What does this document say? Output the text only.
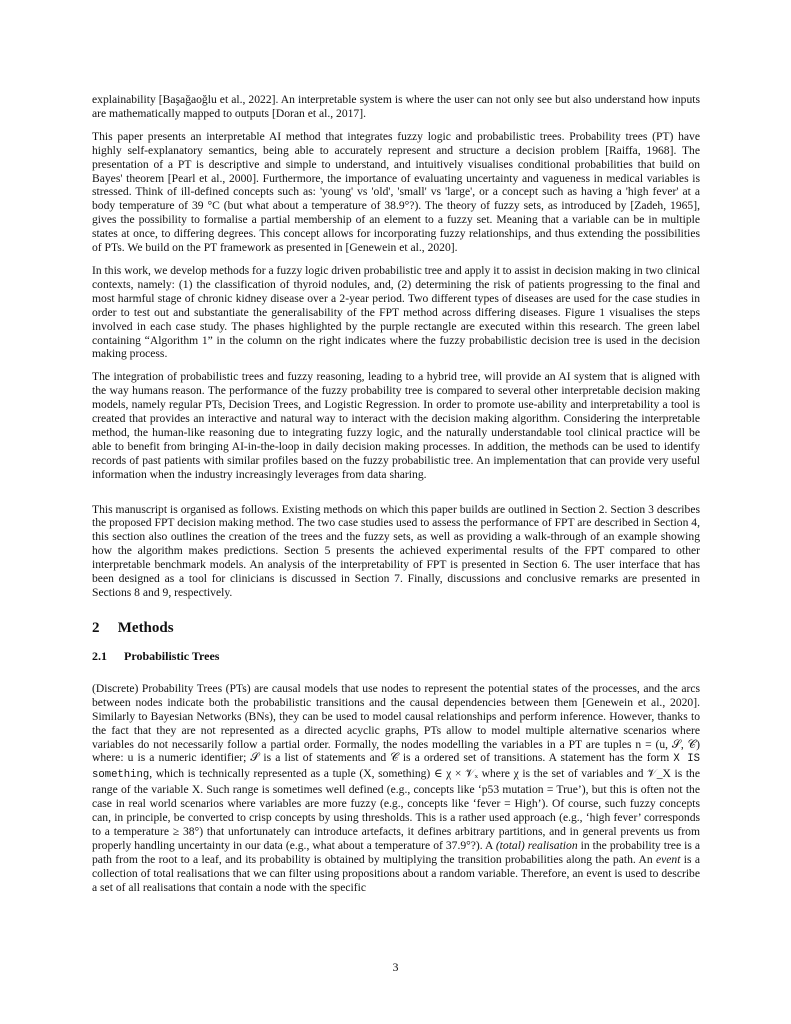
explainability [Başağaoğlu et al., 2022]. An interpretable system is where the user can not only see but also understand how inputs are mathematically mapped to outputs [Doran et al., 2017].

This paper presents an interpretable AI method that integrates fuzzy logic and probabilistic trees. Probability trees (PT) have highly self-explanatory semantics, being able to accurately represent and structure a decision problem [Raiffa, 1968]. The presentation of a PT is descriptive and simple to understand, and intuitively visualises conditional probabilities that build on Bayes' theorem [Pearl et al., 2000]. Furthermore, the importance of evaluating uncertainty and vagueness in medical variables is stressed. Think of ill-defined concepts such as: 'young' vs 'old', 'small' vs 'large', or a concept such as having a 'high fever' at a body temperature of 39 °C (but what about a temperature of 38.9°?). The theory of fuzzy sets, as introduced by [Zadeh, 1965], gives the possibility to formalise a partial membership of an element to a fuzzy set. Meaning that a variable can be in multiple states at once, to differing degrees. This concept allows for incorporating fuzzy relationships, and thus extending the possibilities of PTs. We build on the PT framework as presented in [Genewein et al., 2020].

In this work, we develop methods for a fuzzy logic driven probabilistic tree and apply it to assist in decision making in two clinical contexts, namely: (1) the classification of thyroid nodules, and, (2) determining the risk of patients progressing to the final and most harmful stage of chronic kidney disease over a 2-year period. Two different types of diseases are used for the case studies in order to test out and substantiate the generalisability of the FPT method across differing diseases. Figure 1 visualises the steps involved in each case study. The phases highlighted by the purple rectangle are executed within this research. The green label containing “Algorithm 1” in the column on the right indicates where the fuzzy probabilistic decision tree is used in the decision making process.

The integration of probabilistic trees and fuzzy reasoning, leading to a hybrid tree, will provide an AI system that is aligned with the way humans reason. The performance of the fuzzy probability tree is compared to several other interpretable decision making models, namely regular PTs, Decision Trees, and Logistic Regression. In order to promote use-ability and interpretability a tool is created that provides an interactive and natural way to interact with the decision making algorithm. Considering the interpretable method, the human-like reasoning due to integrating fuzzy logic, and the naturally understandable tool clinical practice will be able to benefit from bringing AI-in-the-loop in daily decision making processes. In addition, the methods can be used to identify records of past patients with similar profiles based on the fuzzy probabilistic tree. An implementation that can provide very useful information when the industry increasingly leverages from data sharing.

This manuscript is organised as follows. Existing methods on which this paper builds are outlined in Section 2. Section 3 describes the proposed FPT decision making method. The two case studies used to assess the performance of FPT are described in Section 4, this section also outlines the creation of the trees and the fuzzy sets, as well as providing a walk-through of an example showing how the algorithm makes predictions. Section 5 presents the achieved experimental results of the FPT compared to other interpretable benchmark models. An analysis of the interpretability of FPT is presented in Section 6. The user interface that has been designed as a tool for clinicians is discussed in Section 7. Finally, discussions and conclusive remarks are presented in Sections 8 and 9, respectively.

2 Methods
2.1 Probabilistic Trees

(Discrete) Probability Trees (PTs) are causal models that use nodes to represent the potential states of the processes, and the arcs between nodes indicate both the probabilistic transitions and the causal dependencies between them [Genewein et al., 2020]. Similarly to Bayesian Networks (BNs), they can be used to model causal relationships and perform inference. However, thanks to the fact that they are not represented as a directed acyclic graphs, PTs allow to model multiple alternative scenarios where variables do not necessarily follow a partial order. Formally, the nodes modelling the variables in a PT are tuples n = (u, 𝒮, 𝒞) where: u is a numeric identifier; 𝒮 is a list of statements and 𝒞 is a ordered set of transitions. A statement has the form X IS something, which is technically represented as a tuple (X, something) ∈ χ × 𝒱ₓ where χ is the set of variables and 𝒱_X is the range of the variable X. Such range is sometimes well defined (e.g., concepts like ‘p53 mutation = True’), but this is often not the case in real world scenarios where variables are more fuzzy (e.g., concepts like ‘fever = High’). Of course, such fuzzy concepts can, in principle, be converted to crisp concepts by using thresholds. This is a rather used approach (e.g., ‘high fever’ corresponds to a temperature ≥ 38°) that unfortunately can introduce artefacts, it defines arbitrary partitions, and in general prevents us from properly handling uncertainty in our data (e.g., what about a temperature of 37.9°?). A (total) realisation in the probability tree is a path from the root to a leaf, and its probability is obtained by multiplying the transition probabilities along the path. An event is a collection of total realisations that we can filter using propositions about a random variable. Therefore, an event is used to describe a set of all realisations that contain a node with the specific

3
